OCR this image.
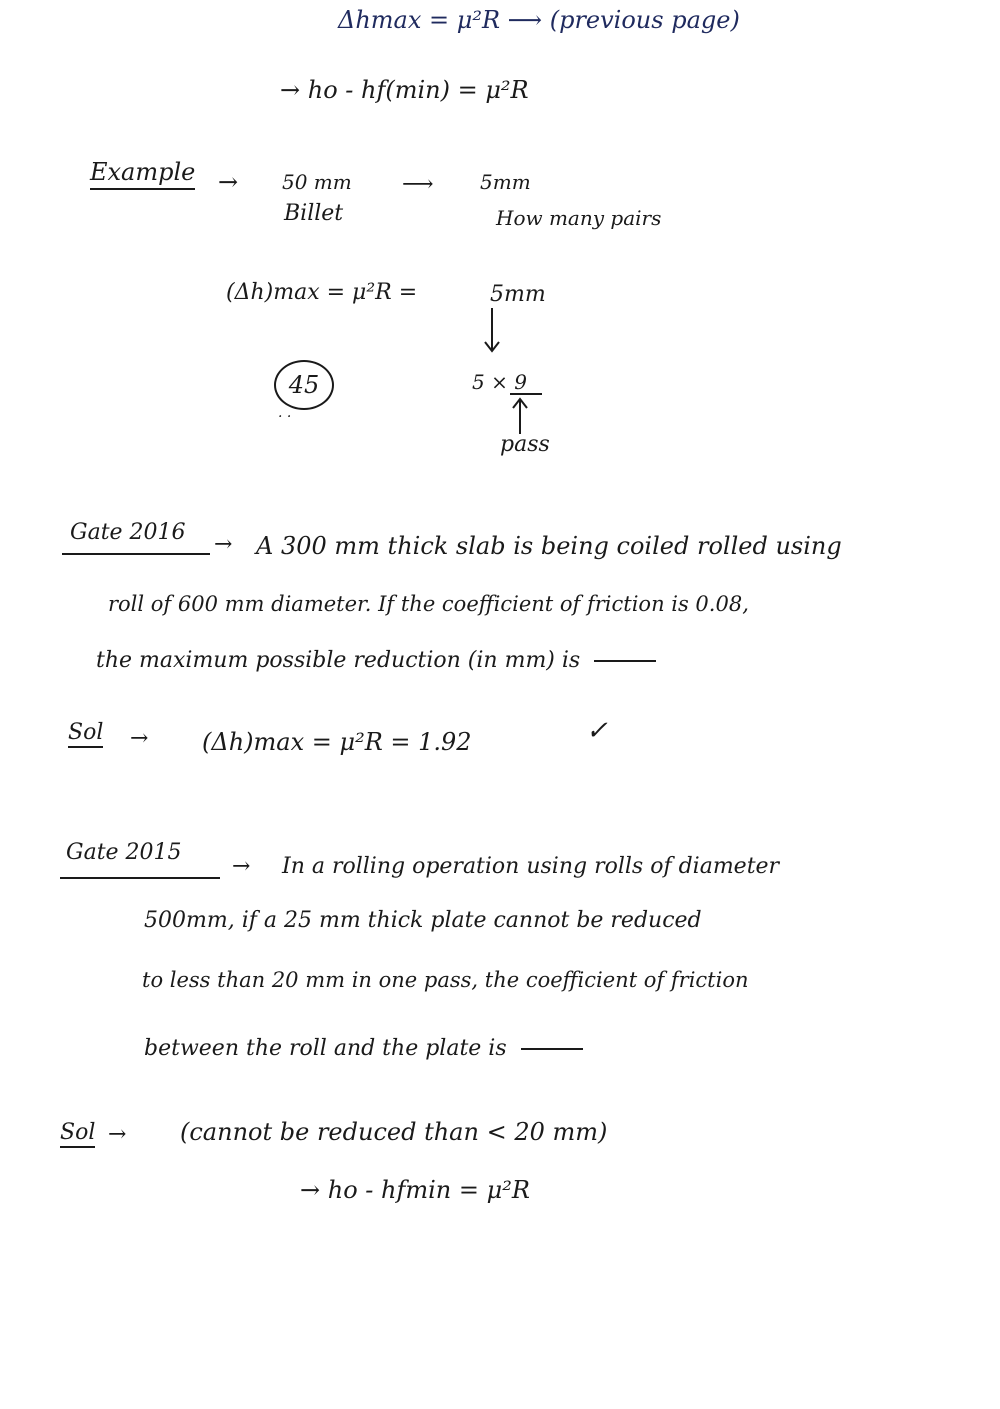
Δhmax = μ²R ⟶ (previous page)
→ ho - hf(min) = μ²R
Example → 50 mm ⟶ 5mm
Billet	How many pairs
(Δh)max = μ²R =	5mm
45
. .
5 × 9
pass
Gate 2016 → A 300 mm thick slab is being coiled rolled using
roll of 600 mm diameter. If the coefficient of friction is 0.08,
the maximum possible reduction (in mm) is
Sol → (Δh)max = μ²R = 1.92	✓
Gate 2015
→ In a rolling operation using rolls of diameter
500mm, if a 25 mm thick plate cannot be reduced
to less than 20 mm in one pass, the coefficient of friction
between the roll and the plate is
Sol → (cannot be reduced than < 20 mm)
→ ho - hfmin = μ²R
